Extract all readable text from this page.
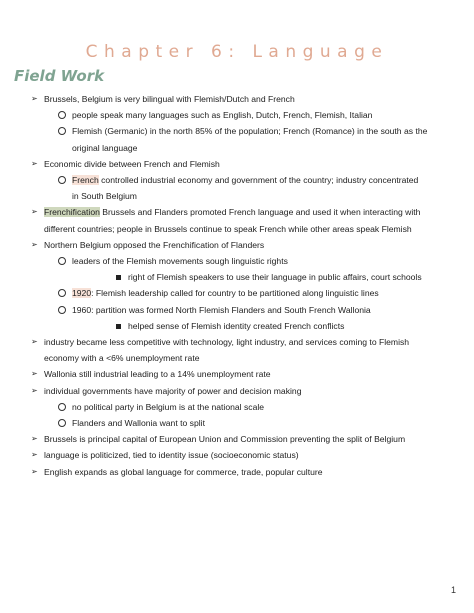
Chapter 6: Language
Field Work
➢ Brussels, Belgium is very bilingual with Flemish/Dutch and French
people speak many languages such as English, Dutch, French, Flemish, Italian
Flemish (Germanic) in the north 85% of the population; French (Romance) in the south as the
original language
➢ Economic divide between French and Flemish
French controlled industrial economy and government of the country; industry concentrated
in South Belgium
➢ Frenchification Brussels and Flanders promoted French language and used it when interacting with
different countries; people in Brussels continue to speak French while other areas speak Flemish
➢ Northern Belgium opposed the Frenchification of Flanders
leaders of the Flemish movements sough linguistic rights
right of Flemish speakers to use their language in public affairs, court schools
1920: Flemish leadership called for country to be partitioned along linguistic lines
1960: partition was formed North Flemish Flanders and South French Wallonia
helped sense of Flemish identity created French conflicts
➢ industry became less competitive with technology, light industry, and services coming to Flemish
economy with a <6% unemployment rate
➢ Wallonia still industrial leading to a 14% unemployment rate
➢ individual governments have majority of power and decision making
no political party in Belgium is at the national scale
Flanders and Wallonia want to split
➢ Brussels is principal capital of European Union and Commission preventing the split of Belgium
➢ language is politicized, tied to identity issue (socioeconomic status)
➢ English expands as global language for commerce, trade, popular culture
1
